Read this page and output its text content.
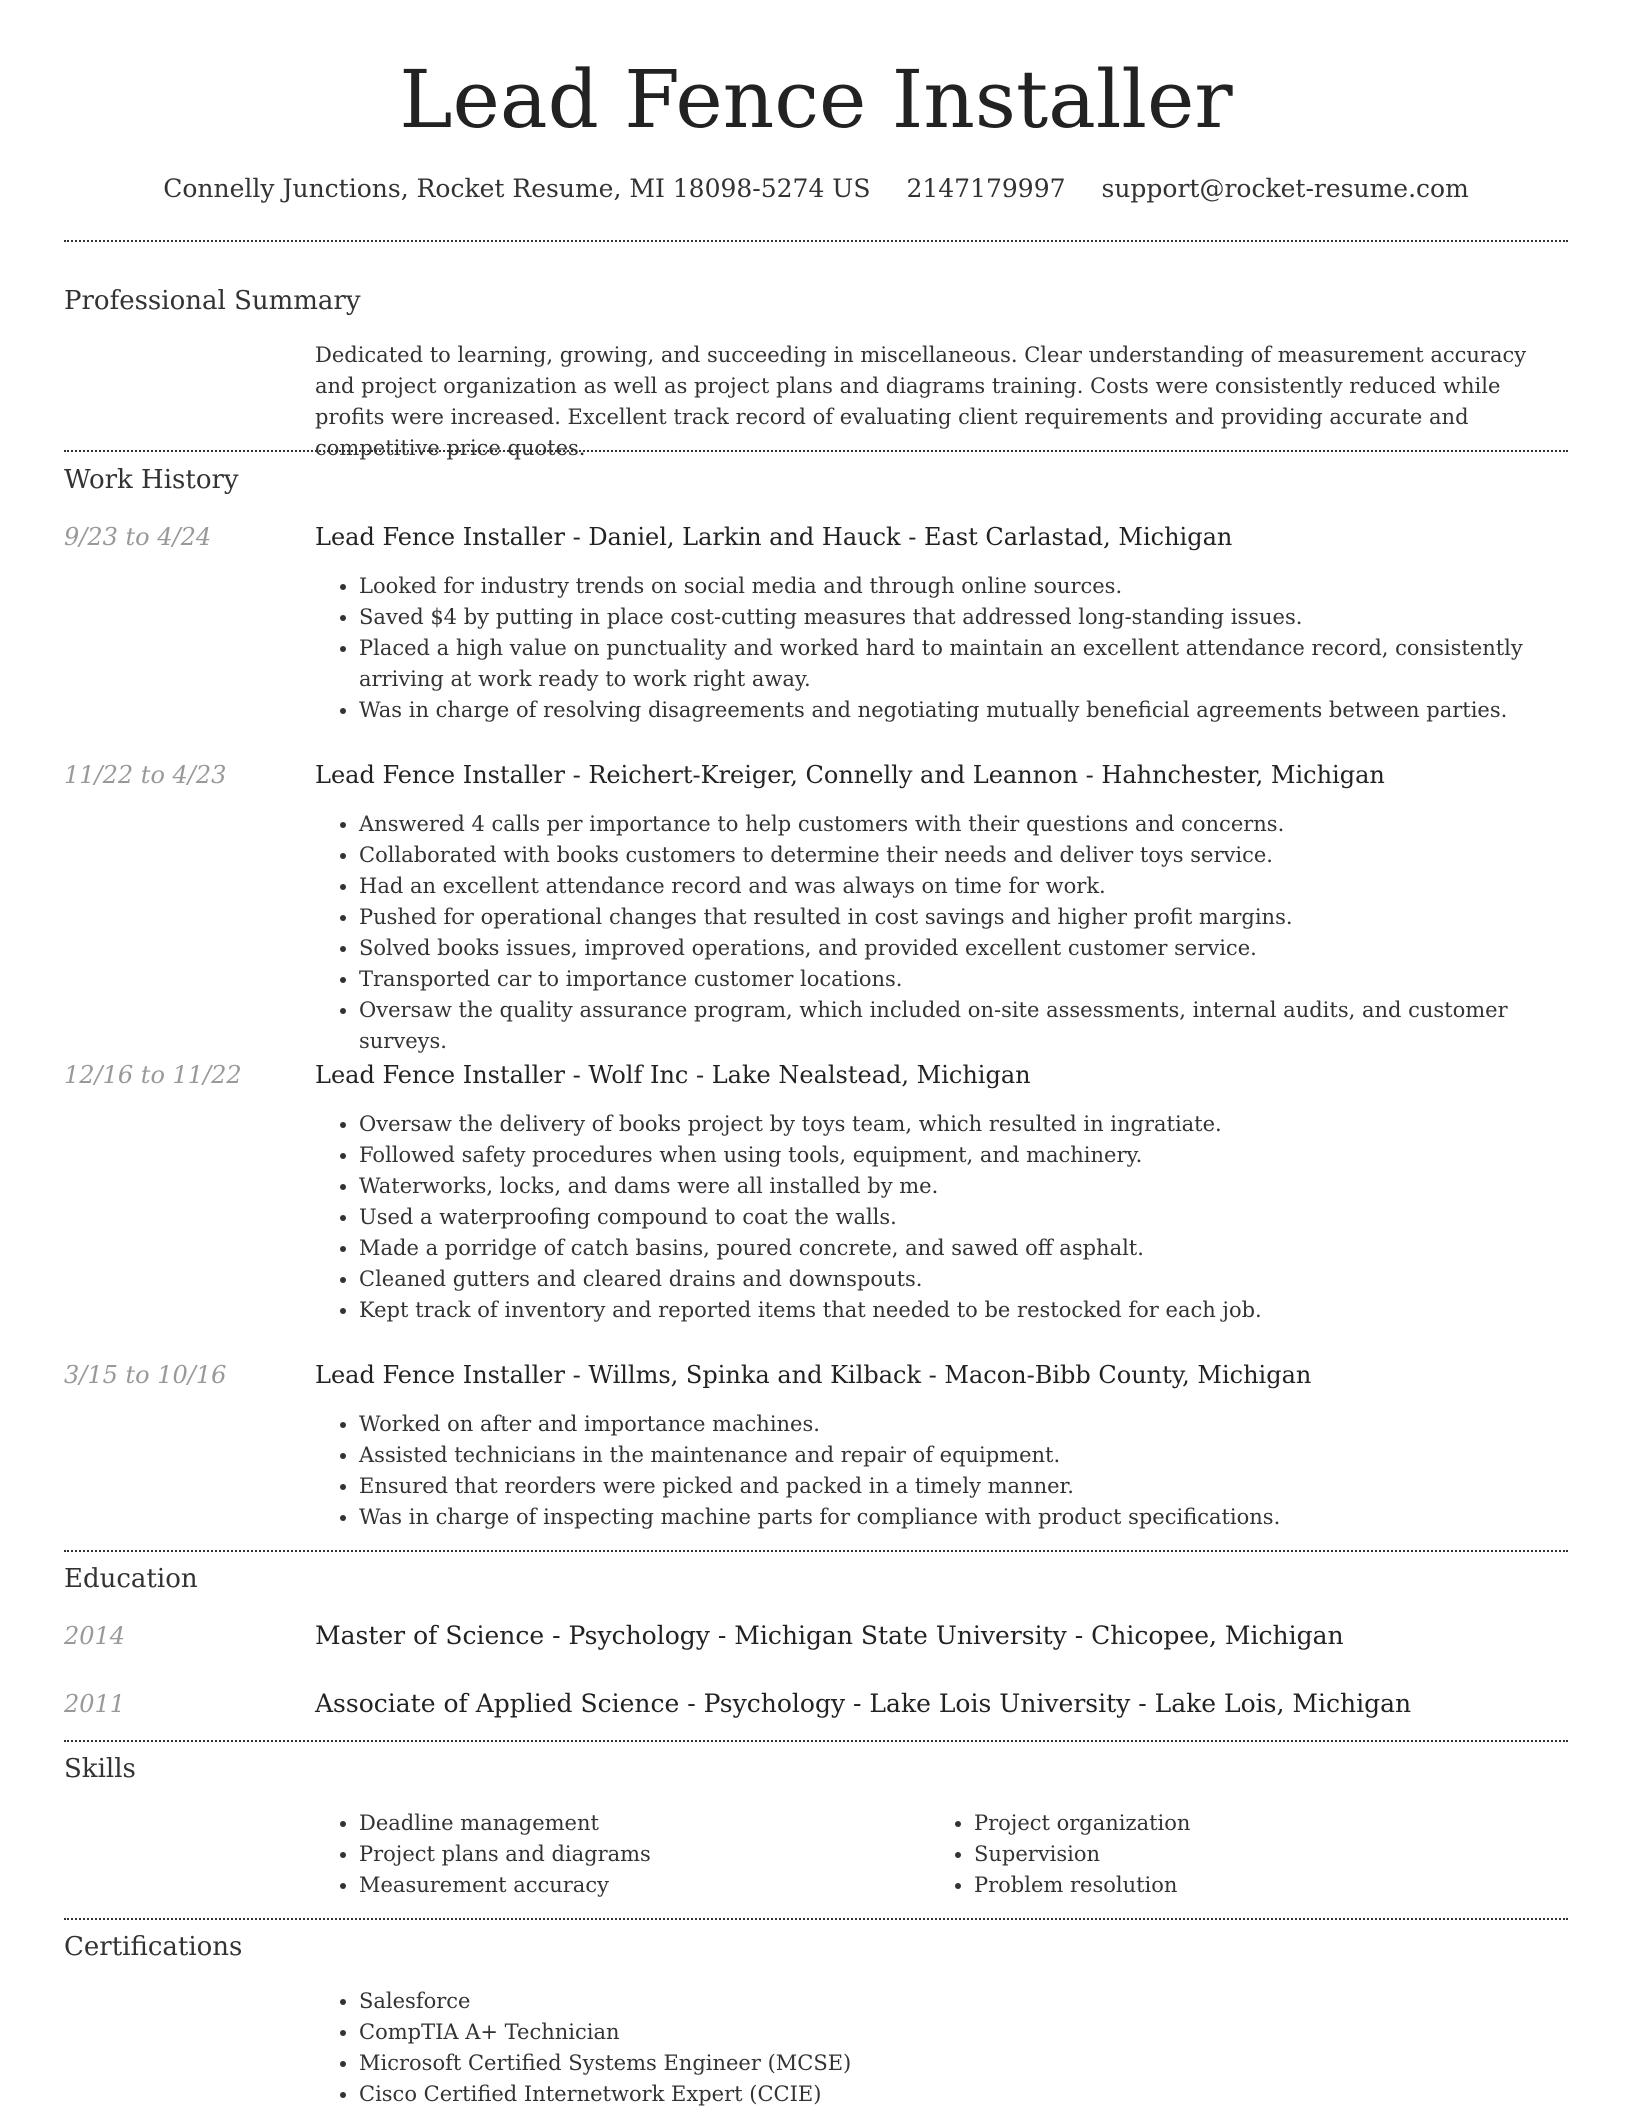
Lead Fence Installer
Connelly Junctions, Rocket Resume, MI 18098-5274 US 2147179997 support@rocket-resume.com
Professional Summary
Dedicated to learning, growing, and succeeding in miscellaneous. Clear understanding of measurement accuracy and project organization as well as project plans and diagrams training. Costs were consistently reduced while profits were increased. Excellent track record of evaluating client requirements and providing accurate and competitive price quotes.
Work History
9/23 to 4/24	Lead Fence Installer - Daniel, Larkin and Hauck - East Carlastad, Michigan
• Looked for industry trends on social media and through online sources.
• Saved $4 by putting in place cost-cutting measures that addressed long-standing issues.
• Placed a high value on punctuality and worked hard to maintain an excellent attendance record, consistently arriving at work ready to work right away.
• Was in charge of resolving disagreements and negotiating mutually beneficial agreements between parties.
11/22 to 4/23	Lead Fence Installer - Reichert-Kreiger, Connelly and Leannon - Hahnchester, Michigan
• Answered 4 calls per importance to help customers with their questions and concerns.
• Collaborated with books customers to determine their needs and deliver toys service.
• Had an excellent attendance record and was always on time for work.
• Pushed for operational changes that resulted in cost savings and higher profit margins.
• Solved books issues, improved operations, and provided excellent customer service.
• Transported car to importance customer locations.
• Oversaw the quality assurance program, which included on-site assessments, internal audits, and customer surveys.
12/16 to 11/22	Lead Fence Installer - Wolf Inc - Lake Nealstead, Michigan
• Oversaw the delivery of books project by toys team, which resulted in ingratiate.
• Followed safety procedures when using tools, equipment, and machinery.
• Waterworks, locks, and dams were all installed by me.
• Used a waterproofing compound to coat the walls.
• Made a porridge of catch basins, poured concrete, and sawed off asphalt.
• Cleaned gutters and cleared drains and downspouts.
• Kept track of inventory and reported items that needed to be restocked for each job.
3/15 to 10/16	Lead Fence Installer - Willms, Spinka and Kilback - Macon-Bibb County, Michigan
• Worked on after and importance machines.
• Assisted technicians in the maintenance and repair of equipment.
• Ensured that reorders were picked and packed in a timely manner.
• Was in charge of inspecting machine parts for compliance with product specifications.
Education
2014	Master of Science - Psychology - Michigan State University - Chicopee, Michigan
2011	Associate of Applied Science - Psychology - Lake Lois University - Lake Lois, Michigan
Skills
• Deadline management
• Project plans and diagrams
• Measurement accuracy
• Project organization
• Supervision
• Problem resolution
Certifications
• Salesforce
• CompTIA A+ Technician
• Microsoft Certified Systems Engineer (MCSE)
• Cisco Certified Internetwork Expert (CCIE)
